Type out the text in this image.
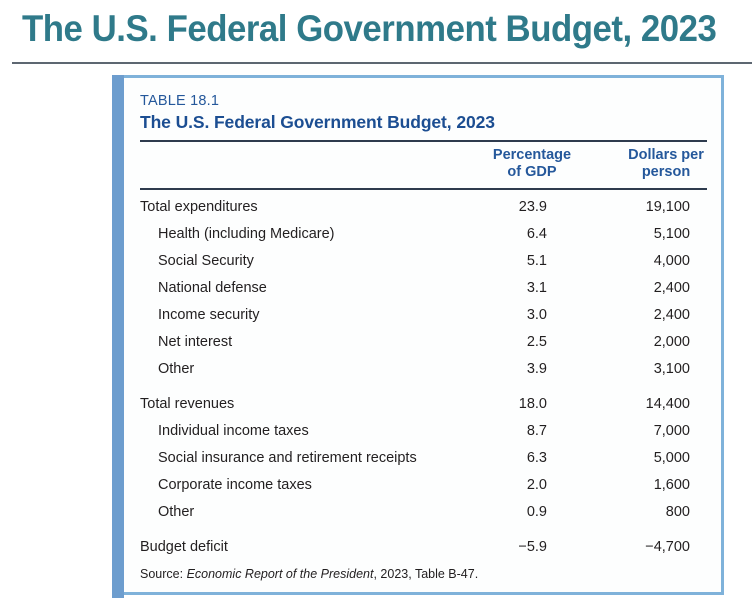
The U.S. Federal Government Budget, 2023
TABLE 18.1
The U.S. Federal Government Budget, 2023
Percentage
of GDP
Dollars per
person
Total expenditures	23.9	19,100
Health (including Medicare)	6.4	5,100
Social Security	5.1	4,000
National defense	3.1	2,400
Income security	3.0	2,400
Net interest	2.5	2,000
Other	3.9	3,100
Total revenues	18.0	14,400
Individual income taxes	8.7	7,000
Social insurance and retirement receipts	6.3	5,000
Corporate income taxes	2.0	1,600
Other	0.9	800
Budget deficit	−5.9	−4,700
Source: Economic Report of the President, 2023, Table B-47.
